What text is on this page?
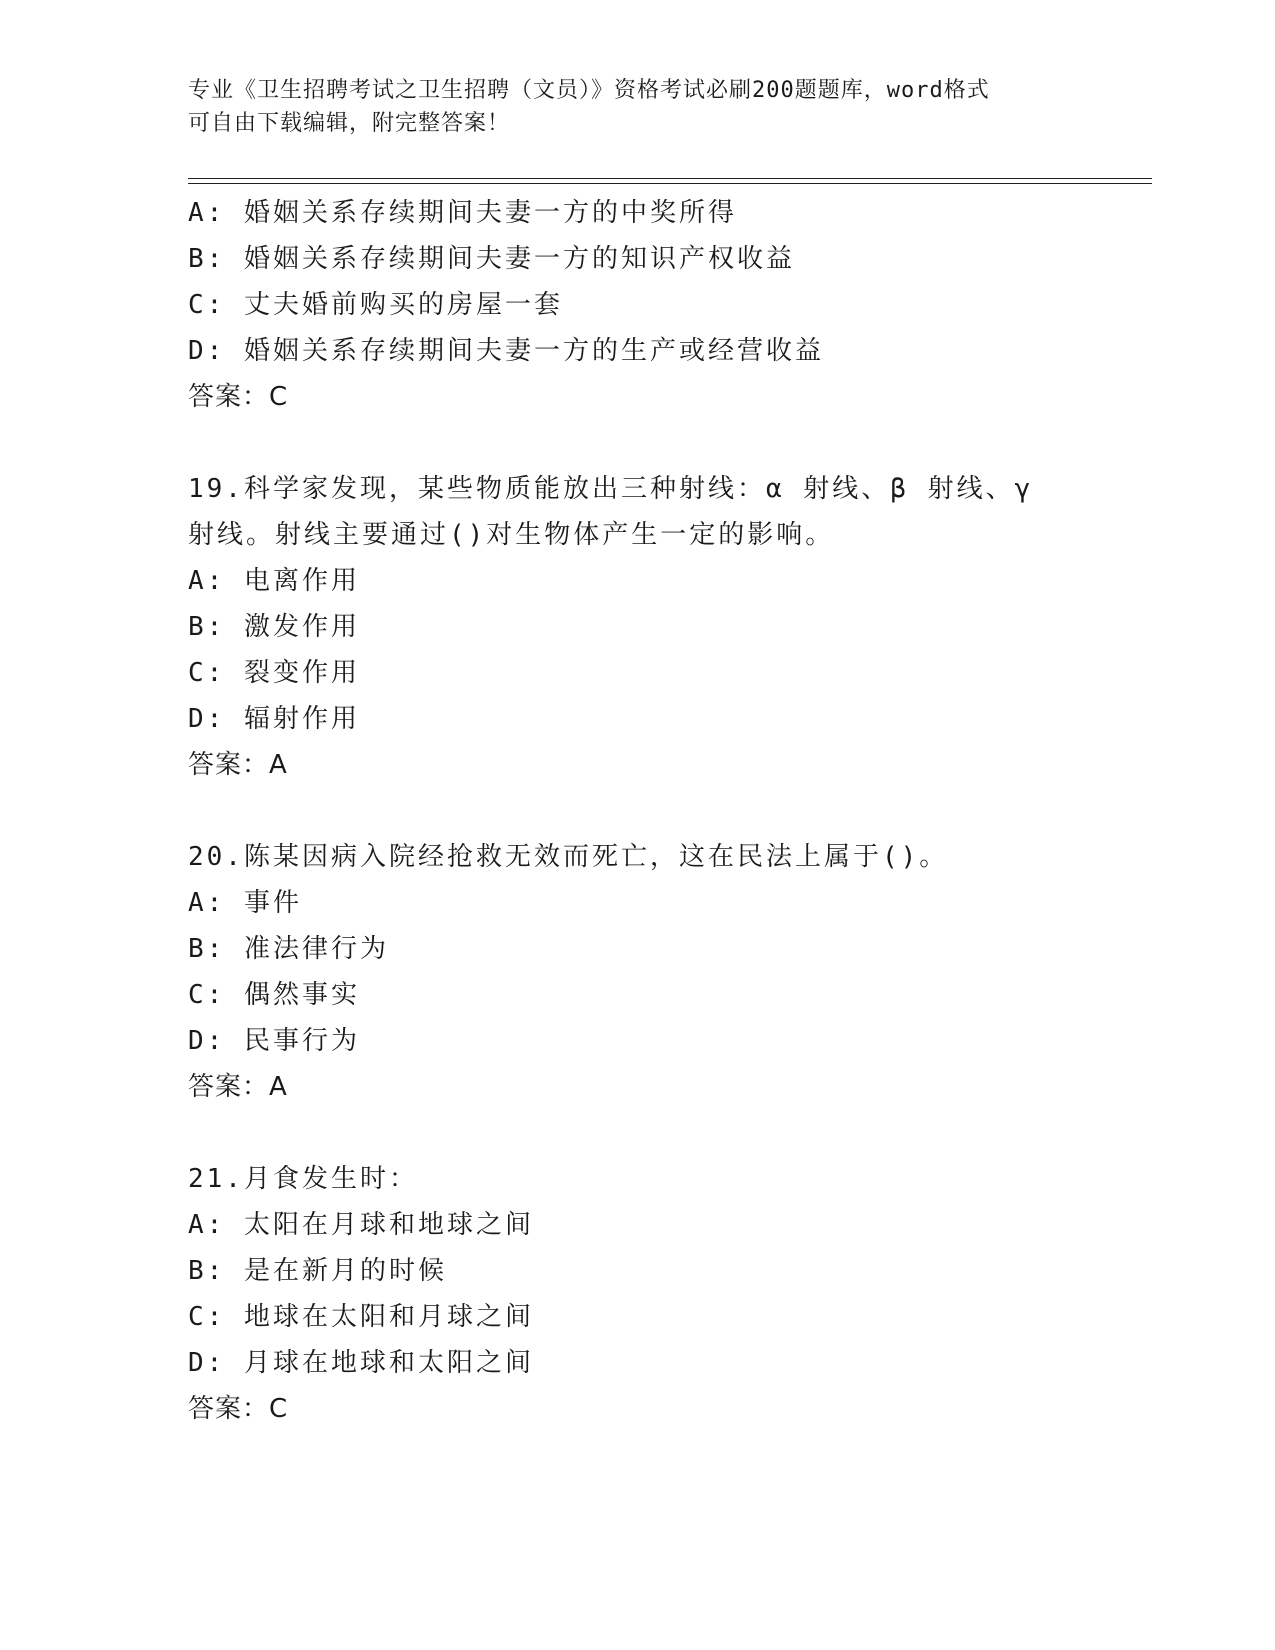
专业《卫生招聘考试之卫生招聘（文员）》资格考试必刷200题题库，word格式
可自由下载编辑，附完整答案！
A: 婚姻关系存续期间夫妻一方的中奖所得
B: 婚姻关系存续期间夫妻一方的知识产权收益
C: 丈夫婚前购买的房屋一套
D: 婚姻关系存续期间夫妻一方的生产或经营收益
答案：C
19.科学家发现，某些物质能放出三种射线：α 射线、β 射线、γ 射线。射线主要通过()对生物体产生一定的影响。
A: 电离作用
B: 激发作用
C: 裂变作用
D: 辐射作用
答案：A
20.陈某因病入院经抢救无效而死亡，这在民法上属于()。
A: 事件
B: 准法律行为
C: 偶然事实
D: 民事行为
答案：A
21.月食发生时：
A: 太阳在月球和地球之间
B: 是在新月的时候
C: 地球在太阳和月球之间
D: 月球在地球和太阳之间
答案：C
